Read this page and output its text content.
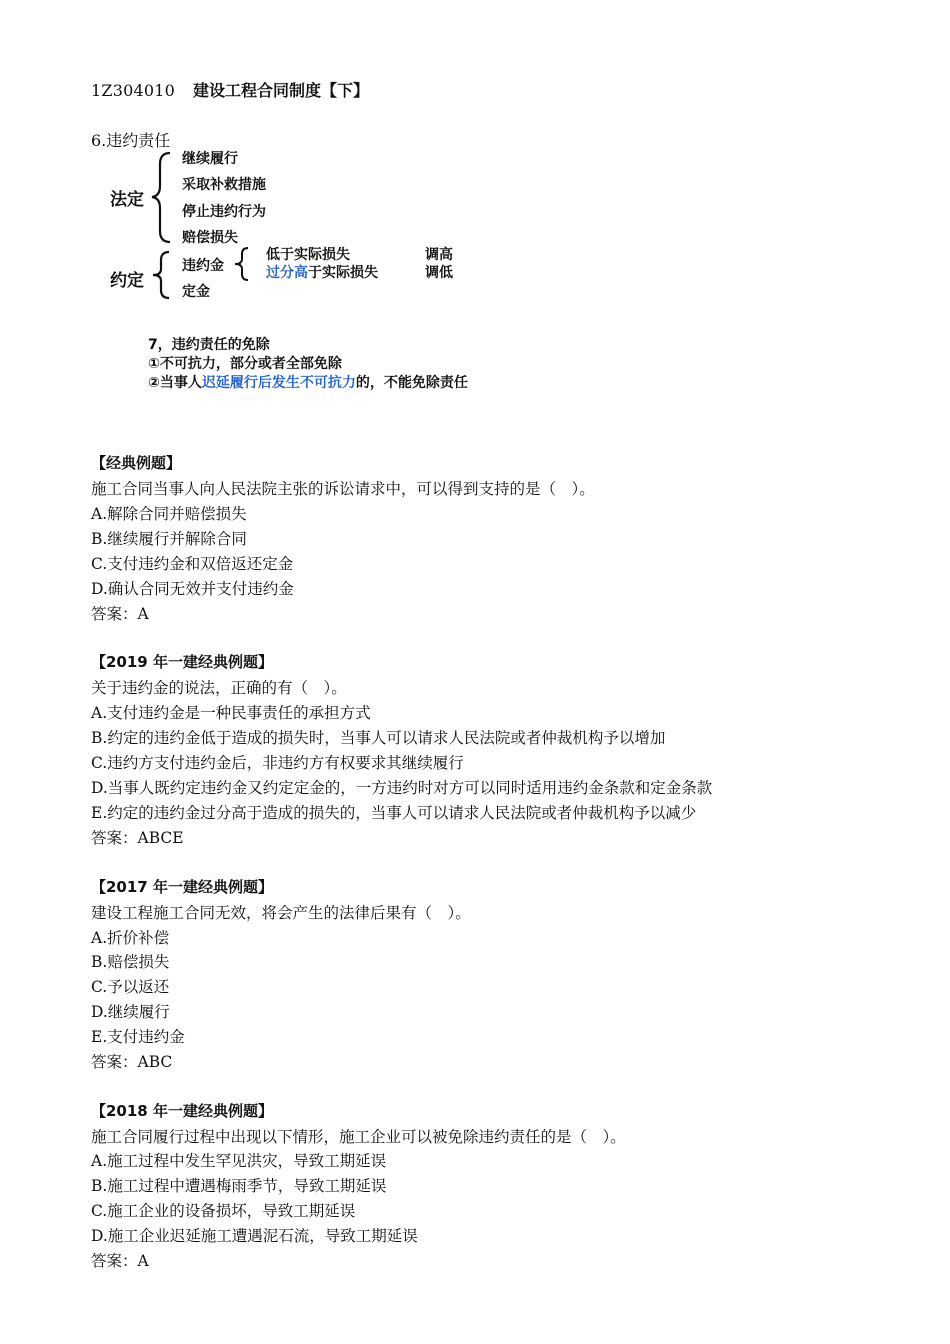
1Z304010 建设工程合同制度【下】
6.违约责任
法定
继续履行
采取补救措施
停止违约行为
赔偿损失
约定
违约金
低于实际损失	调高
过分高于实际损失	调低
定金
7，违约责任的免除
①不可抗力，部分或者全部免除
②当事人迟延履行后发生不可抗力的，不能免除责任
【经典例题】
施工合同当事人向人民法院主张的诉讼请求中，可以得到支持的是（　）。
A.解除合同并赔偿损失
B.继续履行并解除合同
C.支付违约金和双倍返还定金
D.确认合同无效并支付违约金
答案：A
【2019 年一建经典例题】
关于违约金的说法，正确的有（　）。
A.支付违约金是一种民事责任的承担方式
B.约定的违约金低于造成的损失时，当事人可以请求人民法院或者仲裁机构予以增加
C.违约方支付违约金后，非违约方有权要求其继续履行
D.当事人既约定违约金又约定定金的，一方违约时对方可以同时适用违约金条款和定金条款
E.约定的违约金过分高于造成的损失的，当事人可以请求人民法院或者仲裁机构予以减少
答案：ABCE
【2017 年一建经典例题】
建设工程施工合同无效，将会产生的法律后果有（　）。
A.折价补偿
B.赔偿损失
C.予以返还
D.继续履行
E.支付违约金
答案：ABC
【2018 年一建经典例题】
施工合同履行过程中出现以下情形，施工企业可以被免除违约责任的是（　）。
A.施工过程中发生罕见洪灾，导致工期延误
B.施工过程中遭遇梅雨季节，导致工期延误
C.施工企业的设备损坏，导致工期延误
D.施工企业迟延施工遭遇泥石流，导致工期延误
答案：A
